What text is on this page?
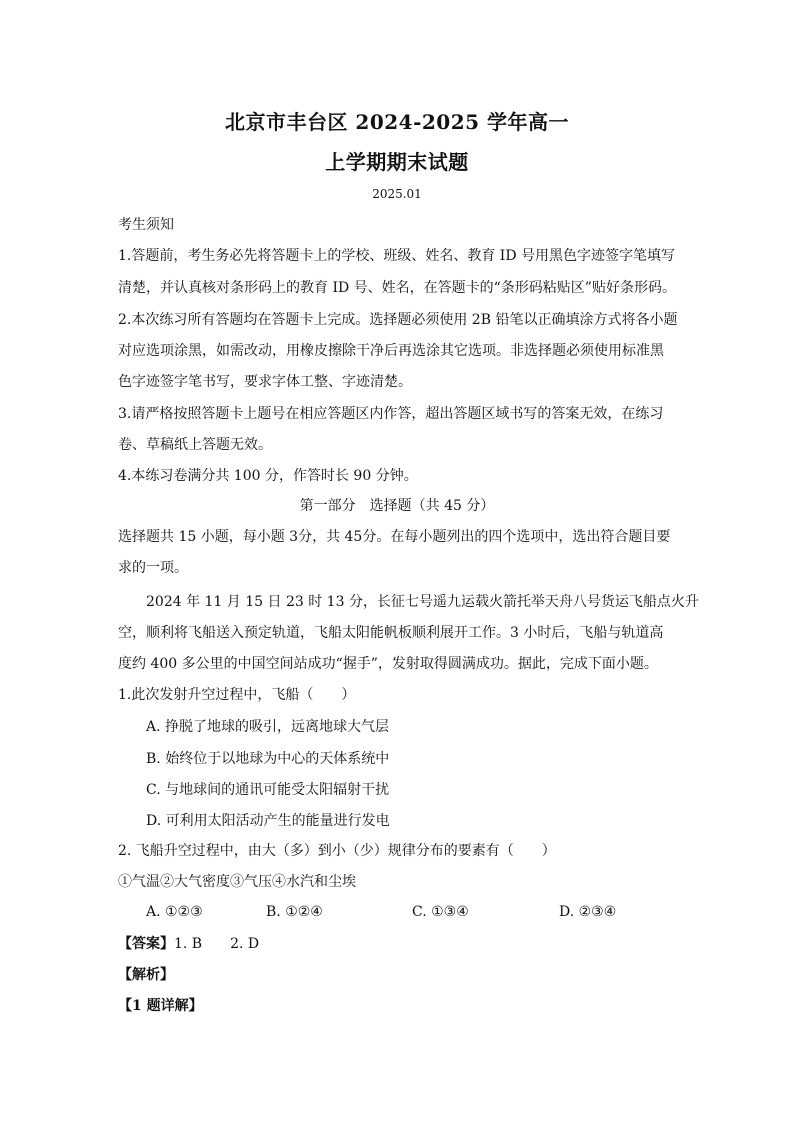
北京市丰台区 2024-2025 学年高一
上学期期末试题
2025.01
考生须知
1.答题前，考生务必先将答题卡上的学校、班级、姓名、教育 ID 号用黑色字迹签字笔填写
清楚，并认真核对条形码上的教育 ID 号、姓名，在答题卡的“条形码粘贴区”贴好条形码。
2.本次练习所有答题均在答题卡上完成。选择题必须使用 2B 铅笔以正确填涂方式将各小题
对应选项涂黑，如需改动，用橡皮擦除干净后再选涂其它选项。非选择题必须使用标准黑
色字迹签字笔书写，要求字体工整、字迹清楚。
3.请严格按照答题卡上题号在相应答题区内作答，超出答题区域书写的答案无效，在练习
卷、草稿纸上答题无效。
4.本练习卷满分共 100 分，作答时长 90 分钟。
第一部分　选择题（共 45 分）
选择题共 15 小题，每小题 3分，共 45分。在每小题列出的四个选项中，选出符合题目要
求的一项。
2024 年 11 月 15 日 23 时 13 分，长征七号遥九运载火箭托举天舟八号货运飞船点火升
空，顺利将飞船送入预定轨道，飞船太阳能帆板顺利展开工作。3 小时后，飞船与轨道高
度约 400 多公里的中国空间站成功“握手”，发射取得圆满成功。据此，完成下面小题。
1.此次发射升空过程中，飞船（　　）
A. 挣脱了地球的吸引，远离地球大气层
B. 始终位于以地球为中心的天体系统中
C. 与地球间的通讯可能受太阳辐射干扰
D. 可利用太阳活动产生的能量进行发电
2. 飞船升空过程中，由大（多）到小（少）规律分布的要素有（　　）
①气温②大气密度③气压④水汽和尘埃
A. ①②③	B. ①②④	C. ①③④	D. ②③④
【答案】1. B　　2. D
【解析】
【1 题详解】
